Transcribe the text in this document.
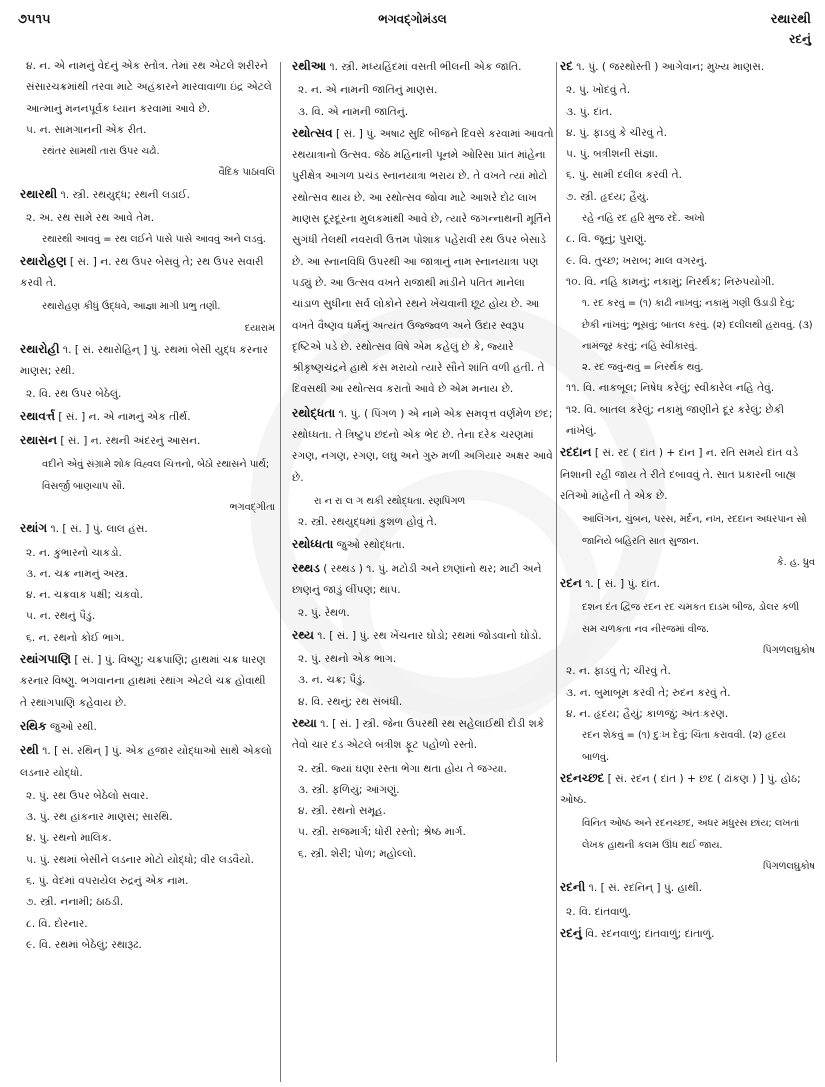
૭૫૧૫	ભગવદ્ગોમંડલ	રથારથી
રદનું
૪. ન. એ નામનું વેદનું એક સ્તોત્ર. તેમાં રથ એટલે શરીરને સંસારચક્રમાંથી તરવા માટે અહંકારને મારવાવાળા ઇંદ્ર એટલે આત્માનું મનનપૂર્વક ધ્યાન કરવામાં આવે છે.
૫. ન. સામગાનની એક રીત.
રથંતર સામથી તારા ઉપર ચઢો.
વૈદિક પાઠાવલિ
રથારથી ૧. સ્ત્રી. રથયુદ્ધ; રથની લડાઈ.
૨. અ. રથ સામે રથ આવે તેમ.
રથારથી આવવું = રથ લઈને પાસે પાસે આવવું અને લડવું.
રથારોહણ [ સં. ] ન. રથ ઉપર બેસવું તે; રથ ઉપર સવારી કરવી તે.
રથારોહણ કીધું ઉદ્ધવે, આજ્ઞા માગી પ્રભુ તણી.
દયારામ
રથારોહી ૧. [ સં. રથારોહિન્ ] પું. રથમાં બેસી યુદ્ધ કરનાર માણસ; રથી.
૨. વિ. રથ ઉપર બેઠેલું.
રથાવર્ત્ત [ સં. ] ન. એ નામનું એક તીર્થ.
રથાસન [ સં. ] ન. રથની અંદરનું આસન.
વદીને એવું સંગ્રામે શોક વિહ્વલ ચિત્તનો, બેઠો રથાસને પાર્થ; વિસર્જી બાણચાપ સૌ.
ભગવદ્ગીતા
રથાંગ ૧. [ સં. ] પું. લાલ હંસ.
૨. ન. કુંભારનો ચાકડો.
૩. ન. ચક્ર નામનું અસ્ત્ર.
૪. ન. ચક્રવાક પક્ષી; ચકવો.
૫. ન. રથનું પૈડું.
૬. ન. રથનો કોઈ ભાગ.
રથાંગપાણિ [ સં. ] પું. વિષ્ણુ; ચક્રપાણિ; હાથમાં ચક્ર ધારણ કરનાર વિષ્ણુ. ભગવાનના હાથમાં રથાંગ એટલે ચક્ર હોવાથી તે રથાંગપાણિ કહેવાય છે.
રથિક જુઓ રથી.
રથી ૧. [ સં. રથિન્ ] પું. એક હજાર યોદ્ધાઓ સાથે એકલો લડનાર યોદ્ધો.
૨. પું. રથ ઉપર બેઠેલો સવાર.
૩. પું. રથ હાંકનાર માણસ; સારથિ.
૪. પું. રથનો માલિક.
૫. પું. રથમાં બેસીને લડનાર મોટો યોદ્ધો; વીર લડવૈયો.
૬. પું. વેદમાં વપરાયેલ રુદ્રનું એક નામ.
૭. સ્ત્રી. નનામી; ઠાઠડી.
૮. વિ. દોરનાર.
૯. વિ. રથમાં બેઠેલું; રથારૂઢ.
રથીઆ ૧. સ્ત્રી. મધ્યહિંદમાં વસતી ભીલની એક જાતિ.
૨. ન. એ નામની જાતિનું માણસ.
૩. વિ. એ નામની જાતિનું.
રથોત્સવ [ સં. ] પું. અષાઢ સુદિ બીજને દિવસે કરવામાં આવતો રથયાત્રાનો ઉત્સવ. જેઠ મહિનાની પૂનમે ઓરિસા પ્રાંત માંહેના પુરીક્ષેત્ર આગળ પ્રચંડ સ્નાનયાત્રા ભરાય છે. તે વખતે ત્યાં મોટો રથોત્સવ થાય છે. આ રથોત્સવ જોવા માટે આશરે દોઢ લાખ માણસ દૂરદૂરના મુલકમાંથી આવે છે, ત્યારે જગન્નાથની મૂર્તિને સુગંધી તેલથી નવરાવી ઉત્તમ પોશાક પહેરાવી રથ ઉપર બેસાડે છે. આ સ્નાનવિધિ ઉપરથી આ જાત્રાનું નામ સ્નાનયાત્રા પણ પડ્યું છે. આ ઉત્સવ વખતે રાજાથી માંડીને પતિત માનેલા ચાંડાળ સુધીના સર્વ લોકોને રથને ખેંચવાની છૂટ હોય છે. આ વખતે વૈષ્ણવ ધર્મનું અત્યંત ઉજ્જ્વળ અને ઉદાર સ્વરૂપ દૃષ્ટિએ પડે છે. રથોત્સવ વિષે એમ કહેલું છે કે, જ્યારે શ્રીકૃષ્ણચંદ્રને હાથે કંસ મરાયો ત્યારે સૌને શાંતિ વળી હતી. તે દિવસથી આ રથોત્સવ કરાતો આવે છે એમ મનાય છે.
રથોદ્ધતા ૧. પું. ( પિંગળ ) એ નામે એક સમવૃત્ત વર્ણમેળ છંદ; રથોધ્ધતા. તે ત્રિષ્ટુપ છંદનો એક ભેદ છે. તેના દરેક ચરણમાં રગણ, નગણ, રગણ, લઘુ અને ગુરુ મળી અગિયાર અક્ષર આવે છે.
રા ન રા લ ગ થકી રથોદ્ધતા. રણપિંગળ
૨. સ્ત્રી. રથયુદ્ધમાં કુશળ હોવું તે.
રથોધ્ધતા જુઓ રથોદ્ધતા.
રથ્થડ ( રથ્થડ ) ૧. પું. મટોડી અને છાણાંનો થર; માટી અને છાણનું જાડું લીંપણ; થાપ.
૨. પું. રેથળ.
રથ્ય ૧. [ સં. ] પું. રથ ખેંચનાર ઘોડો; રથમાં જોડવાનો ઘોડો.
૨. પું. રથનો એક ભાગ.
૩. ન. ચક્ર; પૈડું.
૪. વિ. રથનું; રથ સંબંધી.
રથ્યા ૧. [ સં. ] સ્ત્રી. જેના ઉપરથી રથ સહેલાઈથી દોડી શકે તેવો ચાર દંડ એટલે બત્રીશ ફૂટ પહોળો રસ્તો.
૨. સ્ત્રી. જ્યાં ઘણા રસ્તા ભેગા થતા હોય તે જગ્યા.
૩. સ્ત્રી. ફળિયું; આંગણું.
૪. સ્ત્રી. રથનો સમૂહ.
૫. સ્ત્રી. રાજમાર્ગ; ધોરી રસ્તો; શ્રેષ્ઠ માર્ગ.
૬. સ્ત્રી. શેરી; પોળ; મહોલ્લો.
રદ ૧. પું. ( જરથોસ્તી ) આગેવાન; મુખ્ય માણસ.
૨. પું. ખોદવું તે.
૩. પું. દાંત.
૪. પું. ફાડવું કે ચીરવું તે.
૫. પું. બત્રીશની સંજ્ઞા.
૬. પું. સામી દલીલ કરવી તે.
૭. સ્ત્રી. હૃદય; હૈયું.
રહે નહિ રદ હરિ મુજ રદે. અખો
૮. વિ. જૂનું; પુરાણું.
૯. વિ. તુચ્છ; ખરાબ; માલ વગરનું.
૧૦. વિ. નહિ કામનું; નકામું; નિરર્થક; નિરુપયોગી.
૧. રદ કરવું = (૧) કાઢી નાખવું; નકામું ગણી ઉડાડી દેવું; છેકી નાંખવું; ભૂસવું; બાતલ કરવું. (૨) દલીલથી હરાવવું. (૩) નામંજૂર કરવું; નહિ સ્વીકારવું.
૨. રદ જવું-થવું = નિરર્થક થવું.
૧૧. વિ. નાકબૂલ; નિષેધ કરેલું; સ્વીકારેલ નહિ તેવું.
૧૨. વિ. બાતલ કરેલું; નકામું જાણીને દૂર કરેલું; છેકી નાંખેલું.
રદદાન [ સં. રદ ( દાંત ) + દાન ] ન. રતિ સમયે દાંત વડે નિશાની રહી જાય તે રીતે દબાવવું તે. સાત પ્રકારની બાહ્ય રતિઓ માંહેની તે એક છે.
આલિંગન, ચુંબન, પરસ, મર્દન, નખ, રદદાન અધરપાન સો જાનિયે બહિરતિ સાત સુજાન.
કે. હ. ધ્રુવ
રદન ૧. [ સં. ] પું. દાંત.
દશન દંત દ્વિજ રદન રદ ચમકત દાડમ બીજ, ડોલર કળી સમ ચળકતા નવ નીરજમાં વીજ.
પિંગળલઘુકોષ
૨. ન. ફાડવું તે; ચીરવું તે.
૩. ન. બુમાબૂમ કરવી તે; રુદન કરવું તે.
૪. ન. હૃદય; હૈયું; કાળજું; અંતઃકરણ.
રદન શેકવું = (૧) દુઃખ દેવું; ચિંતા કરાવવી. (૨) હૃદય બાળવું.
રદનચ્છદ [ સં. રદન ( દાંત ) + છદ ( ઢાંકણ ) ] પું. હોઠ; ઓષ્ઠ.
વિનિત ઓષ્ઠ અને રદનચ્છદ, અધર મધુરસ છાંય; લખતાં લેખક હાથની કલમ ઊંધ થઈ જાય.
પિંગળલઘુકોષ
રદની ૧. [ સં. રદનિન્ ] પું. હાથી.
૨. વિ. દાંતવાળું.
રદનું વિ. રદનવાળું; દાંતવાળું; દાંતાળું.
